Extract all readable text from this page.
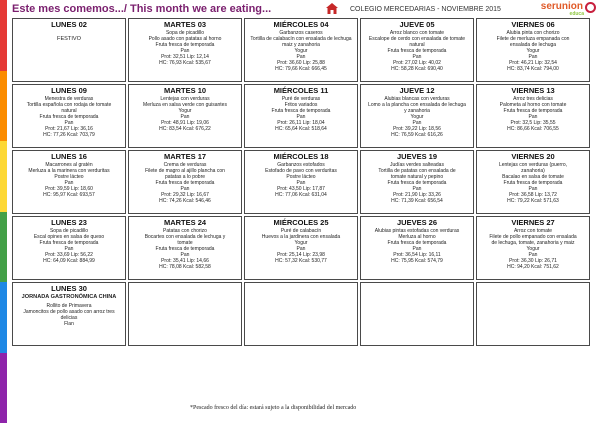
Este mes comemos.../ This month we are eating...	COLEGIO MERCEDARIAS - NOVIEMBRE 2015	serunion
educa
LUNES 02
FESTIVO
MARTES 03
Sopa de picadillo
Pollo asado con patatas al horno
Fruta fresca de temporada
Pan
Prot: 32,51 Lip: 12,14
HC: 76,93 Kcal: 535,67
MIÉRCOLES 04
Garbanzos caseros
Tortilla de calabacín con ensalada de lechuga
maiz y zanahoria
Yogur
Pan
Prot: 36,60 Lip: 25,88
HC: 79,66 Kcal: 666,45
JUEVE 05
Arroz blanco con tomate
Escalope de cerdo con ensalada de tomate
natural
Fruta fresca de temporada
Pan
Prot: 27,02 Lip: 40,02
HC: 58,28 Kcal: 690,40
VIERNES 06
Alubia pinta con chorizo
Filete de merluza empanada con
ensalada de lechuga
Yogur
Pan
Prot: 46,21 Lip: 32,54
HC: 83,74 Kcal: 794,00
LUNES 09
Menestra de verduras
Tortilla española con rodaja de tomate
natural
Fruta fresca de temporada
Pan
Prot: 21,67 Lip: 36,16
HC: 77,26 Kcal: 703,79
MARTES 10
Lentejas con verduras
Merluza en salsa verde con guisantes
Yogur
Pan
Prot: 48,91 Lip: 19,06
HC: 83,54 Kcal: 676,22
MIÉRCOLES 11
Puré de verduras
Fritos variados
Fruta fresca de temporada
Pan
Prot: 26,11 Lip: 18,04
HC: 65,64 Kcal: 518,64
JUEVE 12
Alubias blancas con verduras
Lomo a la plancha con ensalada de lechuga
y zanahoria
Yogur
Pan
Prot: 39,22 Lip: 18,56
HC: 76,59 Kcal: 616,26
VIERNES 13
Arroz tres delicias
Palometa al horno con tomate
Fruta fresca de temporada
Pan
Prot: 32,5 Lip: 35,55
HC: 86,66 Kcal: 706,55
LUNES 16
Macarrones al gratén
Merluza a la marinera con verduritas
Postre lácteo
Pan
Prot: 39,59 Lip: 18,60
HC: 95,97 Kcal: 693,57
MARTES 17
Crema de verduras
Filete de magro al ajillo plancha con
patatas a lo pobre
Fruta fresca de temporada
Pan
Prot: 29,32 Lip: 16,67
HC: 74,26 Kcal: 546,46
MIÉRCOLES 18
Garbanzos estofados
Estofado de pavo con verduritas
Postre lácteo
Pan
Prot: 43,50 Lip: 17,87
HC: 77,06 Kcal: 631,04
JUEVES 19
Judías verdes salteadas
Tortilla de patatas con ensalada de
tomate natural y pepino
Fruta fresca de temporada
Pan
Prot: 21,90 Lip: 33,26
HC: 71,39 Kcal: 656,54
VIERNES 20
Lentejas con verduras (puerro,
zanahoria)
Bacalao en salsa de tomate
Fruta fresca de temporada
Pan
Prot: 36,58 Lip: 13,72
HC: 79,22 Kcal: 571,63
LUNES 23
Sopa de picadillo
Escal opines en salsa de queso
Fruta fresca de temporada
Pan
Prot: 33,69 Lip: 56,22
HC: 64,09 Kcal: 884,99
MARTES 24
Patatas con chorizo
Bocartes con ensalada de lechuga y
tomate
Fruta fresca de temporada
Pan
Prot: 35,41 Lip: 14,66
HC: 78,08 Kcal: 582,58
MIÉRCOLES 25
Puré de calabacín
Huevos a la jardinera con ensalada
Yogur
Pan
Prot: 25,14 Lip: 23,98
HC: 57,32 Kcal: 530,77
JUEVES 26
Alubias pintas estofadas con verduras
Merluza al horno
Fruta fresca de temporada
Pan
Prot: 36,54 Lip: 16,11
HC: 75,95 Kcal: 574,79
VIERNES 27
Arroz con tomate
Filete de pollo empanado con ensalada
de lechuga, tomate, zanahoria y maiz
Yogur
Pan
Prot: 36,30 Lip: 26,71
HC: 94,20 Kcal: 751,62
LUNES 30
JORNADA GASTRONÓMICA CHINA
Rollito de Primavera
Jamoncitos de pollo asado con arroz tres
delicias
Flan
*Pescado fresco del día: estará sujeto a la disponibilidad del mercado
